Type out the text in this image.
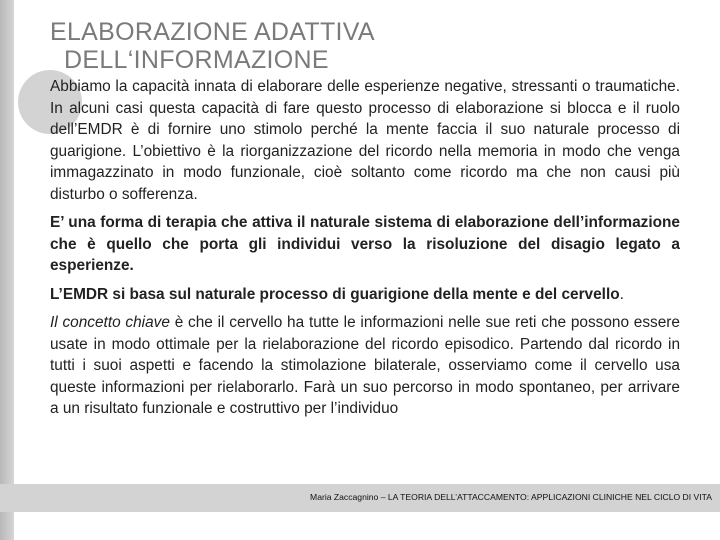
ELABORAZIONE ADATTIVA
DELL‘INFORMAZIONE

Abbiamo la capacità innata di elaborare delle esperienze negative, stressanti o traumatiche. In alcuni casi questa capacità di fare questo processo di elaborazione si blocca e il ruolo dell’EMDR è di fornire uno stimolo perché la mente faccia il suo naturale processo di guarigione. L’obiettivo è la riorganizzazione del ricordo nella memoria in modo che venga immagazzinato in modo funzionale, cioè soltanto come ricordo ma che non causi più disturbo o sofferenza.

E’ una forma di terapia che attiva il naturale sistema di elaborazione dell’informazione che è quello che porta gli individui verso la risoluzione del disagio legato a esperienze.

L’EMDR si basa sul naturale processo di guarigione della mente e del cervello.

Il concetto chiave è che il cervello ha tutte le informazioni nelle sue reti che possono essere usate in modo ottimale per la rielaborazione del ricordo episodico. Partendo dal ricordo in tutti i suoi aspetti e facendo la stimolazione bilaterale, osserviamo come il cervello usa queste informazioni per rielaborarlo. Farà un suo percorso in modo spontaneo, per arrivare a un risultato funzionale e costruttivo per l’individuo

Maria Zaccagnino – LA TEORIA DELL’ATTACCAMENTO: APPLICAZIONI CLINICHE NEL CICLO DI VITA
